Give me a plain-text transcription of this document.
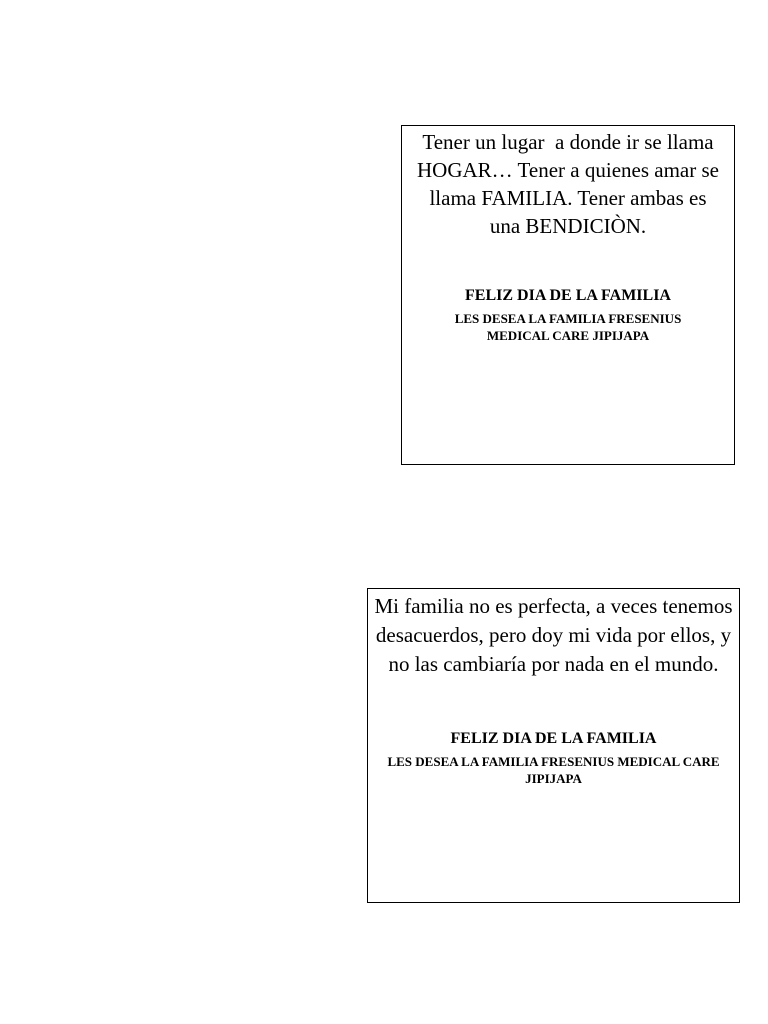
Tener un lugar  a donde ir se llama HOGAR… Tener a quienes amar se llama FAMILIA. Tener ambas es una BENDICIÒN.

FELIZ DIA DE LA FAMILIA

LES DESEA LA FAMILIA FRESENIUS MEDICAL CARE JIPIJAPA

Mi familia no es perfecta, a veces tenemos desacuerdos, pero doy mi vida por ellos, y no las cambiaría por nada en el mundo.

FELIZ DIA DE LA FAMILIA

LES DESEA LA FAMILIA FRESENIUS MEDICAL CARE JIPIJAPA
